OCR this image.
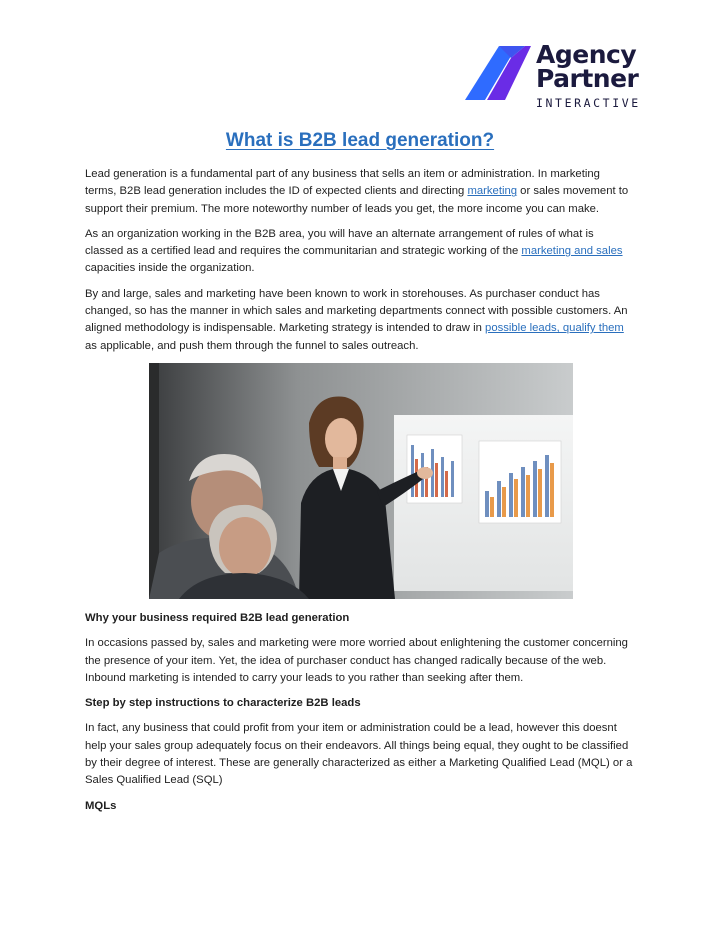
Agency
Partner
INTERACTIVE
What is B2B lead generation?

Lead generation is a fundamental part of any business that sells an item or administration. In marketing terms, B2B lead generation includes the ID of expected clients and directing marketing or sales movement to support their premium. The more noteworthy number of leads you get, the more income you can make.

As an organization working in the B2B area, you will have an alternate arrangement of rules of what is classed as a certified lead and requires the communitarian and strategic working of the marketing and sales capacities inside the organization.

By and large, sales and marketing have been known to work in storehouses. As purchaser conduct has changed, so has the manner in which sales and marketing departments connect with possible customers. An aligned methodology is indispensable. Marketing strategy is intended to draw in possible leads, qualify them as applicable, and push them through the funnel to sales outreach.

Why your business required B2B lead generation

In occasions passed by, sales and marketing were more worried about enlightening the customer concerning the presence of your item. Yet, the idea of purchaser conduct has changed radically because of the web. Inbound marketing is intended to carry your leads to you rather than seeking after them.

Step by step instructions to characterize B2B leads

In fact, any business that could profit from your item or administration could be a lead, however this doesnt help your sales group adequately focus on their endeavors. All things being equal, they ought to be classified by their degree of interest. These are generally characterized as either a Marketing Qualified Lead (MQL) or a Sales Qualified Lead (SQL)

MQLs
